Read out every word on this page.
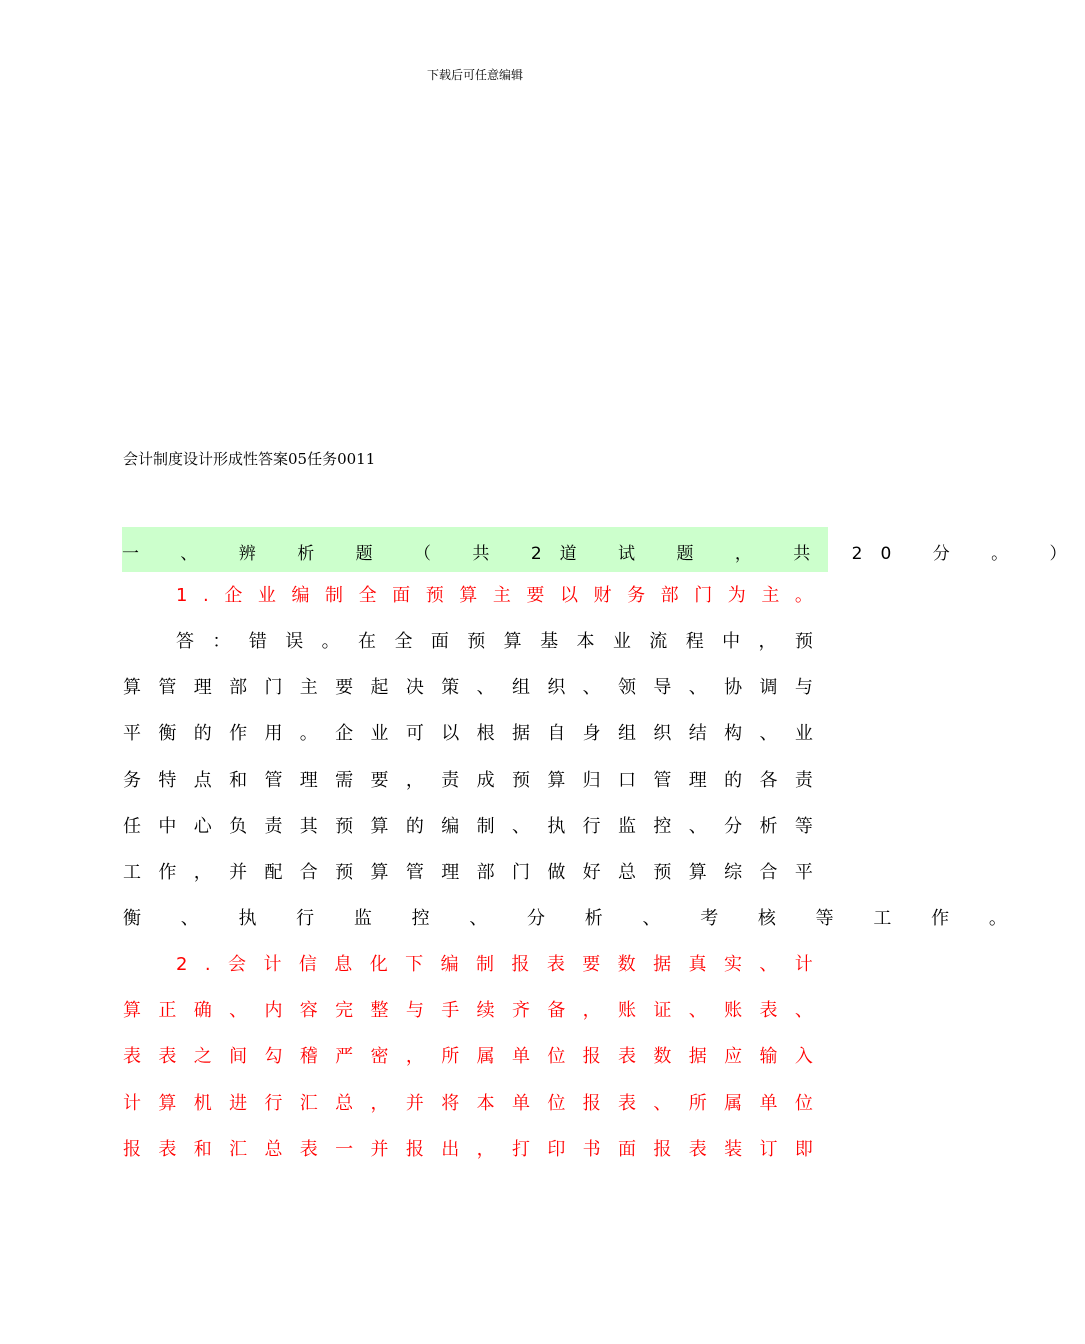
下载后可任意编辑
会计制度设计形成性答案05任务0011
一 、 辨 析 题 （ 共 2道 试 题 ， 共 20 分 。 ）
1 . 企 业 编 制 全 面 预 算 主 要 以 财 务 部 门 为 主 。
答 ： 错 误 。 在 全 面 预 算 基 本 业 流 程 中 ， 预
算 管 理 部 门 主 要 起 决 策 、 组 织 、 领 导 、 协 调 与
平 衡 的 作 用 。 企 业 可 以 根 据 自 身 组 织 结 构 、 业
务 特 点 和 管 理 需 要 ， 责 成 预 算 归 口 管 理 的 各 责
任 中 心 负 责 其 预 算 的 编 制 、 执 行 监 控 、 分 析 等
工 作 ， 并 配 合 预 算 管 理 部 门 做 好 总 预 算 综 合 平
衡 、 执 行 监 控 、 分 析 、 考 核 等 工 作 。
2 . 会 计 信 息 化 下 编 制 报 表 要 数 据 真 实 、 计
算 正 确 、 内 容 完 整 与 手 续 齐 备 ， 账 证 、 账 表 、
表 表 之 间 勾 稽 严 密 ， 所 属 单 位 报 表 数 据 应 输 入
计 算 机 进 行 汇 总 ， 并 将 本 单 位 报 表 、 所 属 单 位
报 表 和 汇 总 表 一 并 报 出 ， 打 印 书 面 报 表 装 订 即
